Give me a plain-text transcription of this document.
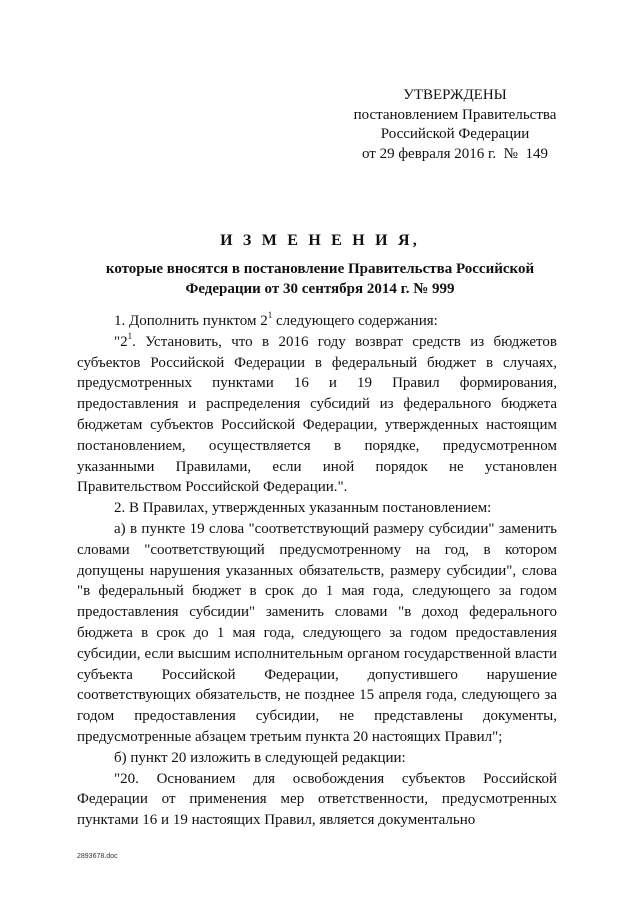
УТВЕРЖДЕНЫ
постановлением Правительства
Российской Федерации
от 29 февраля 2016 г.  №  149
И З М Е Н Е Н И Я,
которые вносятся в постановление Правительства Российской
Федерации от 30 сентября 2014 г. № 999

1. Дополнить пунктом $2^1$ следующего содержания:

"$2^1$. Установить, что в 2016 году возврат средств из бюджетов субъектов Российской Федерации в федеральный бюджет в случаях, предусмотренных пунктами 16 и 19 Правил формирования, предоставления и распределения субсидий из федерального бюджета бюджетам субъектов Российской Федерации, утвержденных настоящим постановлением, осуществляется в порядке, предусмотренном указанными Правилами, если иной порядок не установлен Правительством Российской Федерации.".

2. В Правилах, утвержденных указанным постановлением:

а) в пункте 19 слова "соответствующий размеру субсидии" заменить словами "соответствующий предусмотренному на год, в котором допущены нарушения указанных обязательств, размеру субсидии", слова "в федеральный бюджет в срок до 1 мая года, следующего за годом предоставления субсидии" заменить словами "в доход федерального бюджета в срок до 1 мая года, следующего за годом предоставления субсидии, если высшим исполнительным органом государственной власти субъекта Российской Федерации, допустившего нарушение соответствующих обязательств, не позднее 15 апреля года, следующего за годом предоставления субсидии, не представлены документы, предусмотренные абзацем третьим пункта 20 настоящих Правил";

б) пункт 20 изложить в следующей редакции:

"20. Основанием для освобождения субъектов Российской Федерации от применения мер ответственности, предусмотренных пунктами 16 и 19 настоящих Правил, является документально

2893678.doc
